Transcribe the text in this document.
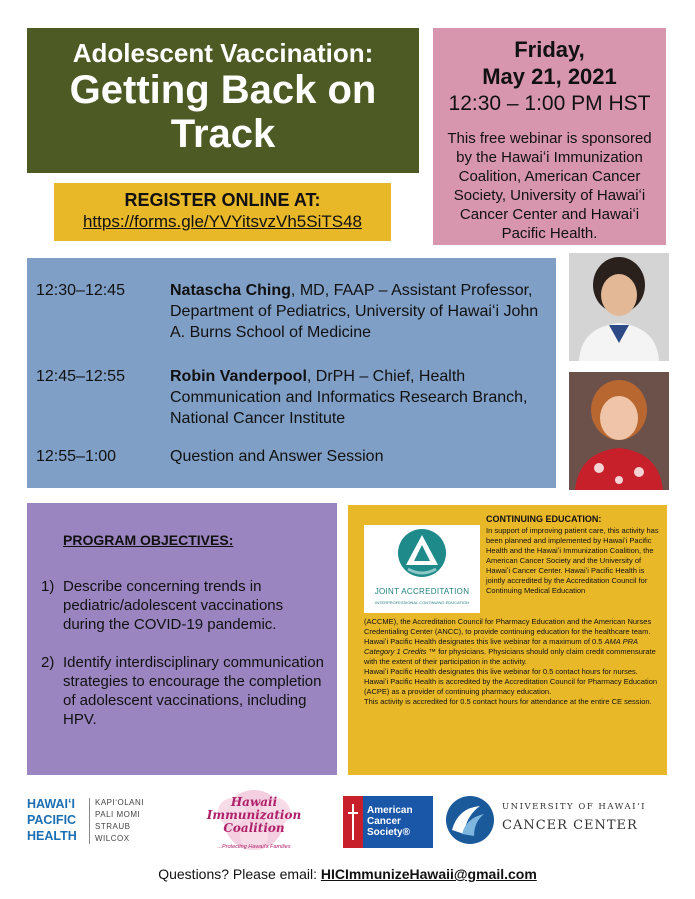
Adolescent Vaccination:
Getting Back on
Track
Friday,
May 21, 2021
12:30 – 1:00 PM HST
This free webinar is sponsored by the Hawaiʻi Immunization Coalition, American Cancer Society, University of Hawaiʻi Cancer Center and Hawaiʻi Pacific Health.
REGISTER ONLINE AT:
https://forms.gle/YVYitsvzVh5SiTS48
12:30–12:45	Natascha Ching, MD, FAAP – Assistant Professor, Department of Pediatrics, University of Hawaiʻi John A. Burns School of Medicine
12:45–12:55	Robin Vanderpool, DrPH – Chief, Health Communication and Informatics Research Branch, National Cancer Institute
12:55–1:00	Question and Answer Session
PROGRAM OBJECTIVES:
1) Describe concerning trends in pediatric/adolescent vaccinations during the COVID-19 pandemic.
2) Identify interdisciplinary communication strategies to encourage the completion of adolescent vaccinations, including HPV.
JOINT ACCREDITATION
INTERPROFESSIONAL CONTINUING EDUCATION
CONTINUING EDUCATION:
In support of improving patient care, this activity has been planned and implemented by Hawaiʻi Pacific Health and the Hawaiʻi Immunization Coalition, the American Cancer Society and the University of Hawaiʻi Cancer Center. Hawaiʻi Pacific Health is jointly accredited by the Accreditation Council for Continuing Medical Education

(ACCME), the Accreditation Council for Pharmacy Education and the American Nurses Credentialing Center (ANCC), to provide continuing education for the healthcare team.

Hawaiʻi Pacific Health designates this live webinar for a maximum of 0.5 AMA PRA Category 1 Credits ™ for physicians. Physicians should only claim credit commensurate with the extent of their participation in the activity.

Hawaiʻi Pacific Health designates this live webinar for 0.5 contact hours for nurses.

Hawaiʻi Pacific Health is accredited by the Accreditation Council for Pharmacy Education (ACPE) as a provider of continuing pharmacy education.

This activity is accredited for 0.5 contact hours for attendance at the entire CE session.

HAWAIʻI
PACIFIC
HEALTH
KAPIʻOLANI
PALI MOMI
STRAUB
WILCOX
Hawaii
Immunization
Coalition
...Protecting Hawaii's Families
American
Cancer
Society®
UNIVERSITY OF HAWAIʻI
CANCER CENTER
Questions? Please email: HICImmunizeHawaii@gmail.com
